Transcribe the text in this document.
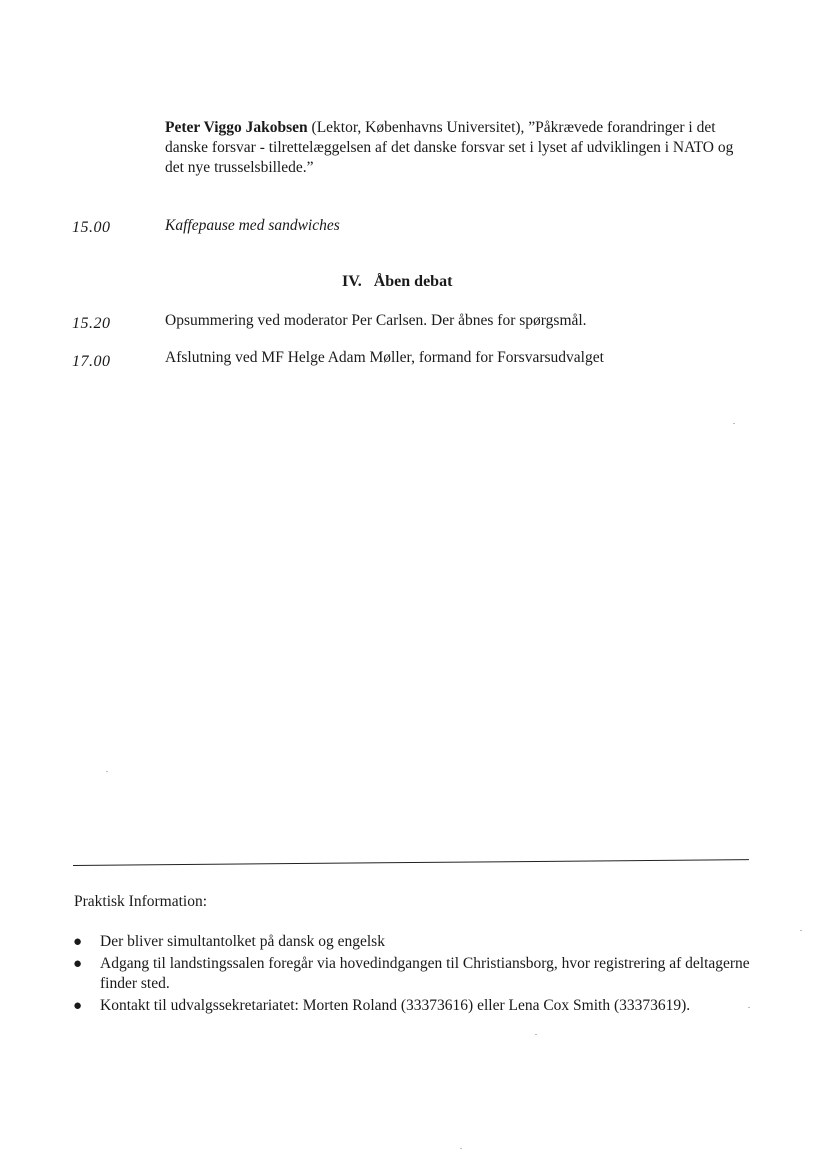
Peter Viggo Jakobsen (Lektor, Københavns Universitet), ”Påkrævede forandringer i det danske forsvar - tilrettelæggelsen af det danske forsvar set i lyset af udviklingen i NATO og det nye trusselsbillede.”
15.00	Kaffepause med sandwiches
IV. Åben debat
15.20	Opsummering ved moderator Per Carlsen. Der åbnes for spørgsmål.
17.00	Afslutning ved MF Helge Adam Møller, formand for Forsvarsudvalget
Praktisk Information:
● Der bliver simultantolket på dansk og engelsk
● Adgang til landstingssalen foregår via hovedindgangen til Christiansborg, hvor registrering af deltagerne finder sted.
● Kontakt til udvalgssekretariatet: Morten Roland (33373616) eller Lena Cox Smith (33373619).
